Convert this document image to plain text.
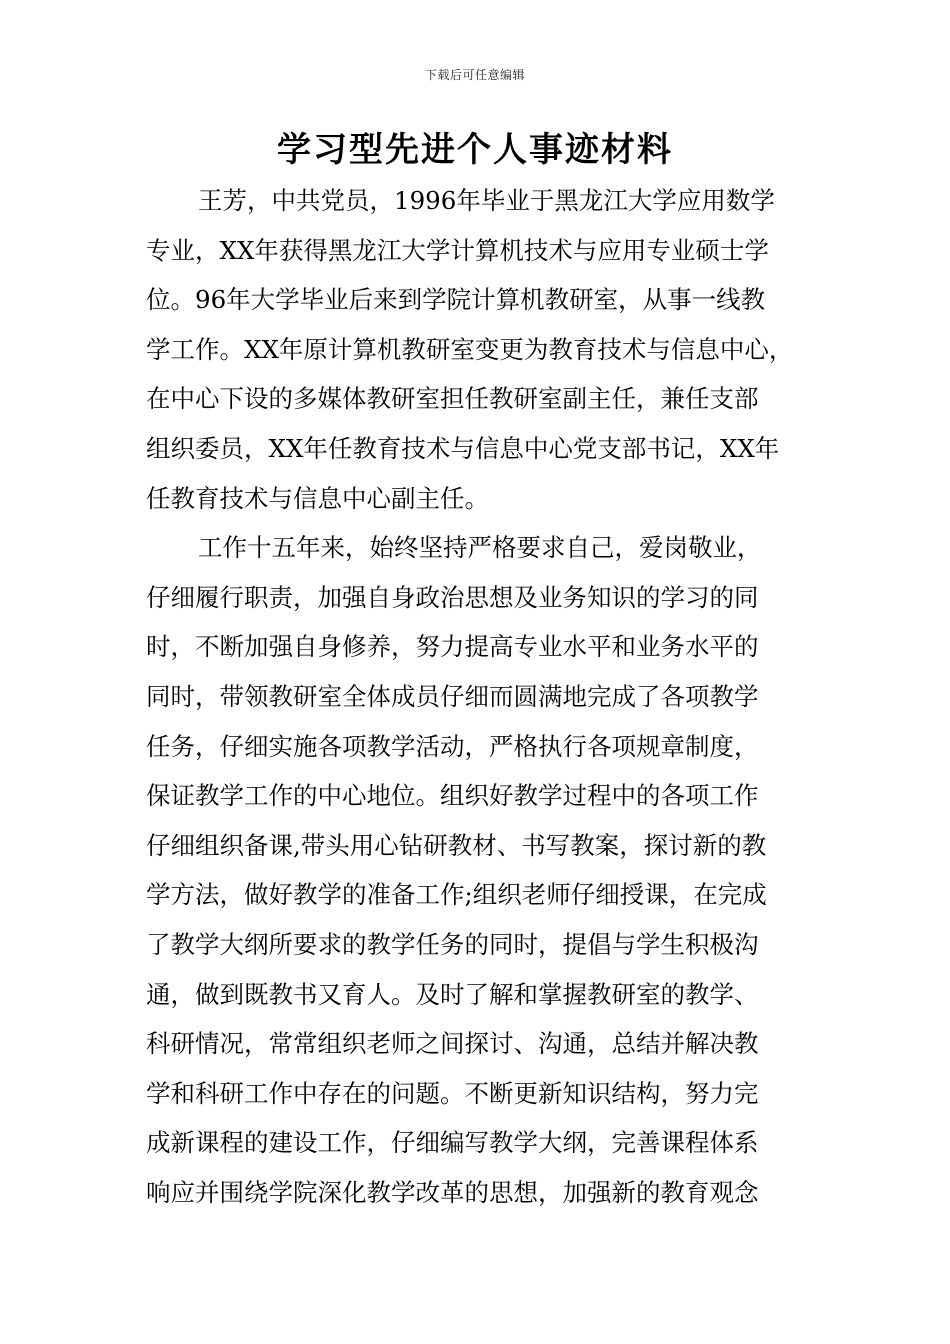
下载后可任意编辑
学习型先进个人事迹材料
王芳，中共党员，1996年毕业于黑龙江大学应用数学
专业，XX年获得黑龙江大学计算机技术与应用专业硕士学
位。96年大学毕业后来到学院计算机教研室，从事一线教
学工作。XX年原计算机教研室变更为教育技术与信息中心，
在中心下设的多媒体教研室担任教研室副主任，兼任支部
组织委员，XX年任教育技术与信息中心党支部书记，XX年
任教育技术与信息中心副主任。
工作十五年来，始终坚持严格要求自己，爱岗敬业，
仔细履行职责，加强自身政治思想及业务知识的学习的同
时，不断加强自身修养，努力提高专业水平和业务水平的
同时，带领教研室全体成员仔细而圆满地完成了各项教学
任务，仔细实施各项教学活动，严格执行各项规章制度，
保证教学工作的中心地位。组织好教学过程中的各项工作
仔细组织备课,带头用心钻研教材、书写教案，探讨新的教
学方法，做好教学的准备工作;组织老师仔细授课，在完成
了教学大纲所要求的教学任务的同时，提倡与学生积极沟
通，做到既教书又育人。及时了解和掌握教研室的教学、
科研情况，常常组织老师之间探讨、沟通，总结并解决教
学和科研工作中存在的问题。不断更新知识结构，努力完
成新课程的建设工作，仔细编写教学大纲，完善课程体系
响应并围绕学院深化教学改革的思想，加强新的教育观念
